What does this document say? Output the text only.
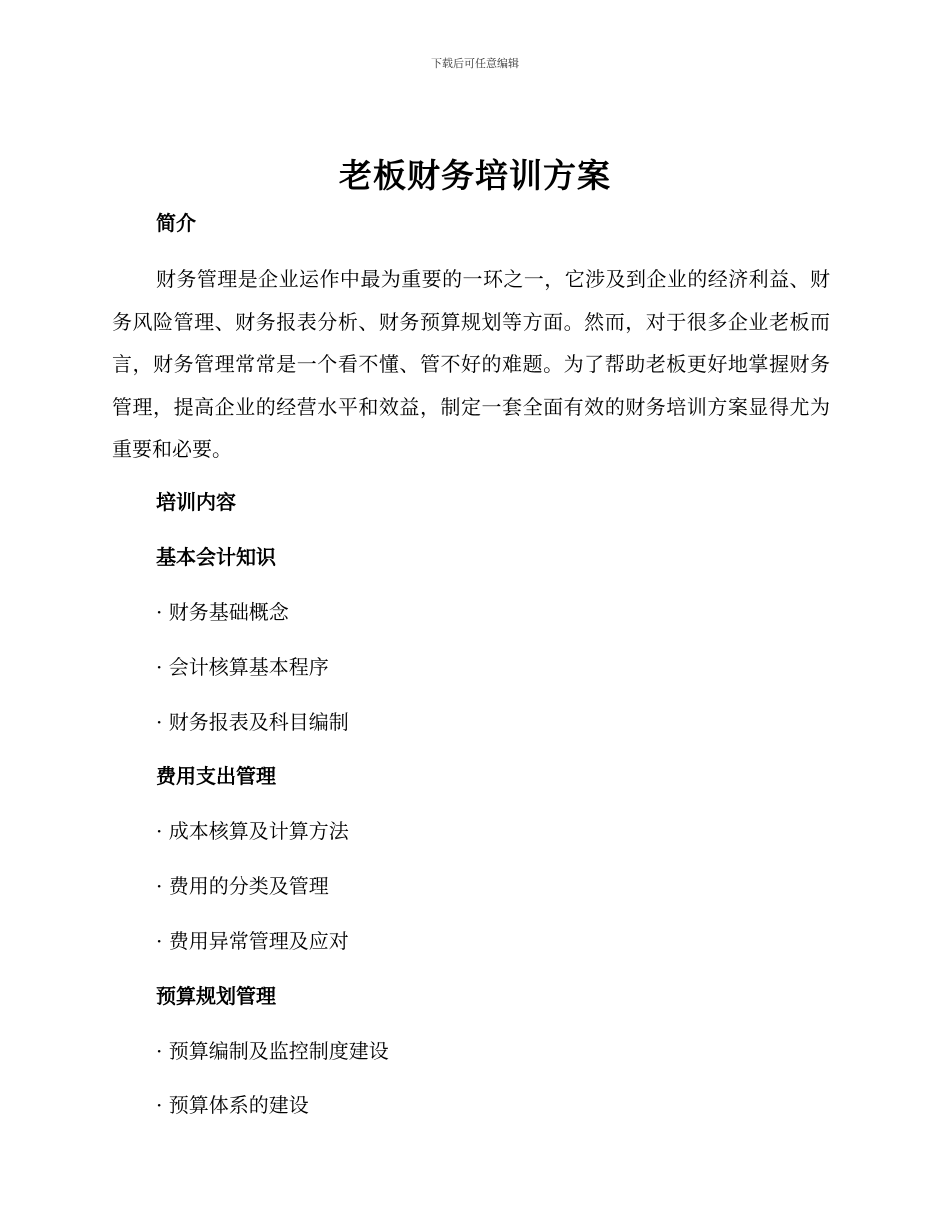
下载后可任意编辑
老板财务培训方案
简介
财务管理是企业运作中最为重要的一环之一，它涉及到企业的经济利益、财务风险管理、财务报表分析、财务预算规划等方面。然而，对于很多企业老板而言，财务管理常常是一个看不懂、管不好的难题。为了帮助老板更好地掌握财务管理，提高企业的经营水平和效益，制定一套全面有效的财务培训方案显得尤为重要和必要。
培训内容
基本会计知识
· 财务基础概念
· 会计核算基本程序
· 财务报表及科目编制
费用支出管理
· 成本核算及计算方法
· 费用的分类及管理
· 费用异常管理及应对
预算规划管理
· 预算编制及监控制度建设
· 预算体系的建设
